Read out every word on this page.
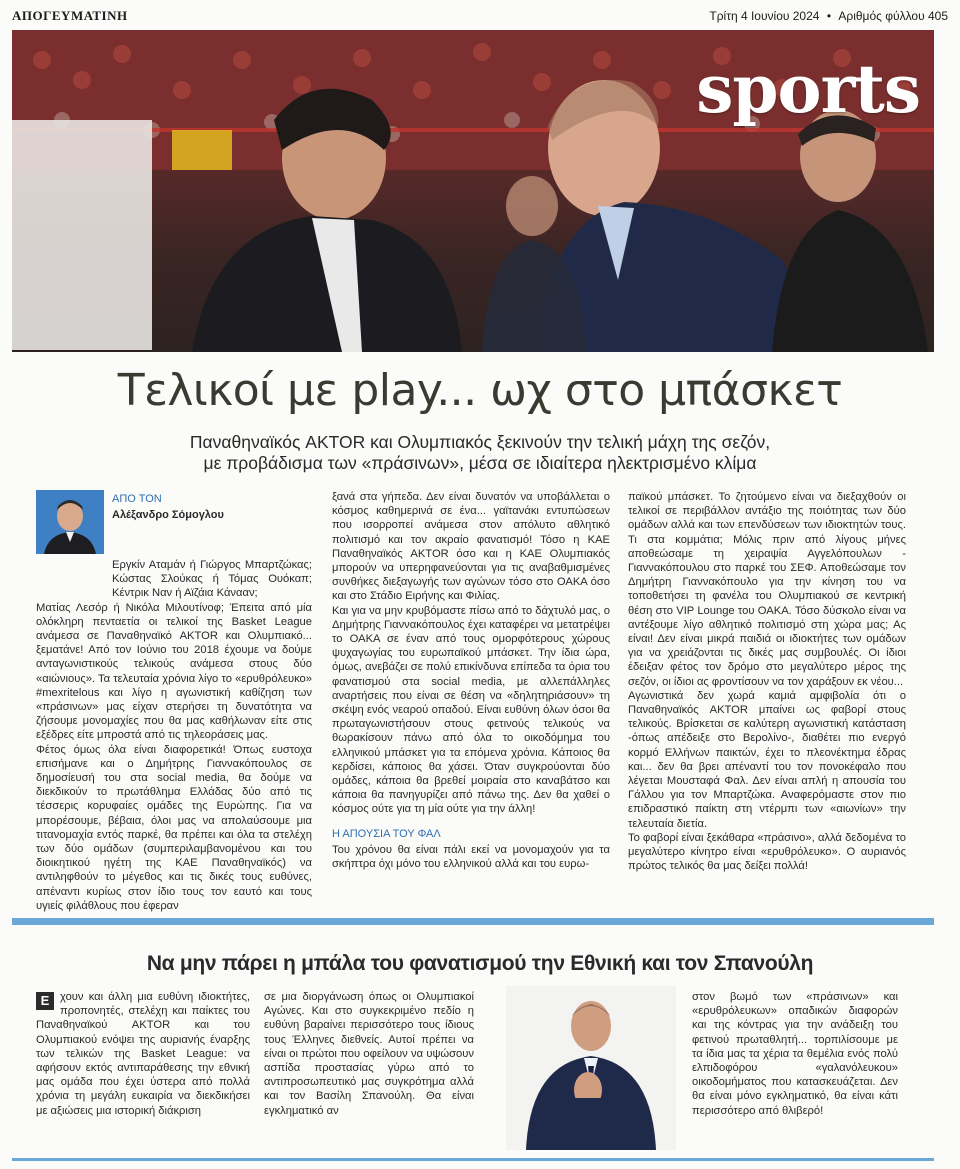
ΑΠΟΓΕΥΜΑΤΙΝΗ	Τρίτη 4 Ιουνίου 2024 • Αριθμός φύλλου 405
sports
Τελικοί με play... ωχ στο μπάσκετ
Παναθηναϊκός AKTOR και Ολυμπιακός ξεκινούν την τελική μάχη της σεζόν,
με προβάδισμα των «πράσινων», μέσα σε ιδιαίτερα ηλεκτρισμένο κλίμα
ΑΠΟ ΤΟΝ
Αλέξανδρο Σόμογλου

Εργκίν Αταμάν ή Γιώργος Μπαρτζώκας; Κώστας Σλούκας ή Τόμας Ουόκαπ; Κέντρικ Ναν ή Αϊζάια Κάνααν;

Ματίας Λεσόρ ή Νικόλα Μιλουτίνοφ; Έπειτα από μία ολόκληρη πενταετία οι τελικοί της Basket League ανάμεσα σε Παναθηναϊκό AKTOR και Ολυμπιακό... ξεματάνε! Από τον Ιούνιο του 2018 έχουμε να δούμε ανταγωνιστικούς τελικούς ανάμεσα στους δύο «αιώνιους». Τα τελευταία χρόνια λίγο το «ερυθρόλευκο» #mexritelous και λίγο η αγωνιστική καθίζηση των «πράσινων» μας είχαν στερήσει τη δυνατότητα να ζήσουμε μονομαχίες που θα μας καθήλωναν είτε στις εξέδρες είτε μπροστά από τις τηλεοράσεις μας.

Φέτος όμως όλα είναι διαφορετικά! Όπως ευστοχα επισήμανε και ο Δημήτρης Γιαννακόπουλος σε δημοσίευσή του στα social media, θα δούμε να διεκδικούν το πρωτάθλημα Ελλάδας δύο από τις τέσσερις κορυφαίες ομάδες της Ευρώπης. Για να μπορέσουμε, βέβαια, όλοι μας να απολαύσουμε μια τιτανομαχία εντός παρκέ, θα πρέπει και όλα τα στελέχη των δύο ομάδων (συμπεριλαμβανομένου και του διοικητικού ηγέτη της ΚΑΕ Παναθηναϊκός) να αντιληφθούν το μέγεθος και τις δικές τους ευθύνες, απέναντι κυρίως στον ίδιο τους τον εαυτό και τους υγιείς φιλάθλους που έφεραν

ξανά στα γήπεδα. Δεν είναι δυνατόν να υποβάλλεται ο κόσμος καθημερινά σε ένα... γαϊτανάκι εντυπώσεων που ισορροπεί ανάμεσα στον απόλυτο αθλητικό πολιτισμό και τον ακραίο φανατισμό! Τόσο η ΚΑΕ Παναθηναϊκός AKTOR όσο και η ΚΑΕ Ολυμπιακός μπορούν να υπερηφανεύονται για τις αναβαθμισμένες συνθήκες διεξαγωγής των αγώνων τόσο στο ΟΑΚΑ όσο και στο Στάδιο Ειρήνης και Φιλίας.

Και για να μην κρυβόμαστε πίσω από το δάχτυλό μας, ο Δημήτρης Γιαννακόπουλος έχει καταφέρει να μετατρέψει το ΟΑΚΑ σε έναν από τους ομορφότερους χώρους ψυχαγωγίας του ευρωπαϊκού μπάσκετ. Την ίδια ώρα, όμως, ανεβάζει σε πολύ επικίνδυνα επίπεδα τα όρια του φανατισμού στα social media, με αλλεπάλληλες αναρτήσεις που είναι σε θέση να «δηλητηριάσουν» τη σκέψη ενός νεαρού οπαδού. Είναι ευθύνη όλων όσοι θα πρωταγωνιστήσουν στους φετινούς τελικούς να θωρακίσουν πάνω από όλα το οικοδόμημα του ελληνικού μπάσκετ για τα επόμενα χρόνια. Κάποιος θα κερδίσει, κάποιος θα χάσει. Όταν συγκρούονται δύο ομάδες, κάποια θα βρεθεί μοιραία στο καναβάτσο και κάποια θα πανηγυρίζει από πάνω της. Δεν θα χαθεί ο κόσμος ούτε για τη μία ούτε για την άλλη!

Η ΑΠΟΥΣΙΑ ΤΟΥ ΦΑΛ

Του χρόνου θα είναι πάλι εκεί να μονομαχούν για τα σκήπτρα όχι μόνο του ελληνικού αλλά και του ευρω-

παϊκού μπάσκετ. Το ζητούμενο είναι να διεξαχθούν οι τελικοί σε περιβάλλον αντάξιο της ποιότητας των δύο ομάδων αλλά και των επενδύσεων των ιδιοκτητών τους. Τι στα κομμάτια; Μόλις πριν από λίγους μήνες αποθεώσαμε τη χειραψία Αγγελόπουλων - Γιαννακόπουλου στο παρκέ του ΣΕΦ. Αποθεώσαμε τον Δημήτρη Γιαννακόπουλο για την κίνηση του να τοποθετήσει τη φανέλα του Ολυμπιακού σε κεντρική θέση στο VIP Lounge του ΟΑΚΑ. Τόσο δύσκολο είναι να αντέξουμε λίγο αθλητικό πολιτισμό στη χώρα μας; Ας είναι! Δεν είναι μικρά παιδιά οι ιδιοκτήτες των ομάδων για να χρειάζονται τις δικές μας συμβουλές. Οι ίδιοι έδειξαν φέτος τον δρόμο στο μεγαλύτερο μέρος της σεζόν, οι ίδιοι ας φροντίσουν να τον χαράξουν εκ νέου...

Αγωνιστικά δεν χωρά καμιά αμφιβολία ότι ο Παναθηναϊκός AKTOR μπαίνει ως φαβορί στους τελικούς. Βρίσκεται σε καλύτερη αγωνιστική κατάσταση -όπως απέδειξε στο Βερολίνο-, διαθέτει πιο ενεργό κορμό Ελλήνων παικτών, έχει το πλεονέκτημα έδρας και... δεν θα βρει απέναντί του τον πονοκέφαλο που λέγεται Μουσταφά Φαλ. Δεν είναι απλή η απουσία του Γάλλου για τον Μπαρτζώκα. Αναφερόμαστε στον πιο επιδραστικό παίκτη στη ντέρμπι των «αιωνίων» την τελευταία διετία.

Το φαβορί είναι ξεκάθαρα «πράσινο», αλλά δεδομένα το μεγαλύτερο κίνητρο είναι «ερυθρόλευκο». Ο αυριανός πρώτος τελικός θα μας δείξει πολλά!

Να μην πάρει η μπάλα του φανατισμού την Εθνική και τον Σπανούλη
Ε χουν και άλλη μια ευθύνη ιδιοκτήτες, προπονητές, στελέχη και παίκτες του Παναθηναϊκού AKTOR και του Ολυμπιακού ενόψει της αυριανής έναρξης των τελικών της Basket League: να αφήσουν εκτός αντιπαράθεσης την εθνική μας ομάδα που έχει ύστερα από πολλά χρόνια τη μεγάλη ευκαιρία να διεκδικήσει με αξιώσεις μια ιστορική διάκριση
σε μια διοργάνωση όπως οι Ολυμπιακοί Αγώνες. Και στο συγκεκριμένο πεδίο η ευθύνη βαραίνει περισσότερο τους ίδιους τους Έλληνες διεθνείς. Αυτοί πρέπει να είναι οι πρώτοι που οφείλουν να υψώσουν ασπίδα προστασίας γύρω από το αντιπροσωπευτικό μας συγκρότημα αλλά και τον Βασίλη Σπανούλη. Θα είναι εγκληματικό αν
στον βωμό των «πράσινων» και «ερυθρόλευκων» οπαδικών διαφορών και της κόντρας για την ανάδειξη του φετινού πρωταθλητή... τορπιλίσουμε με τα ίδια μας τα χέρια τα θεμέλια ενός πολύ ελπιδοφόρου «γαλανόλευκου» οικοδομήματος που κατασκευάζεται. Δεν θα είναι μόνο εγκληματικό, θα είναι κάτι περισσότερο από θλιβερό!
